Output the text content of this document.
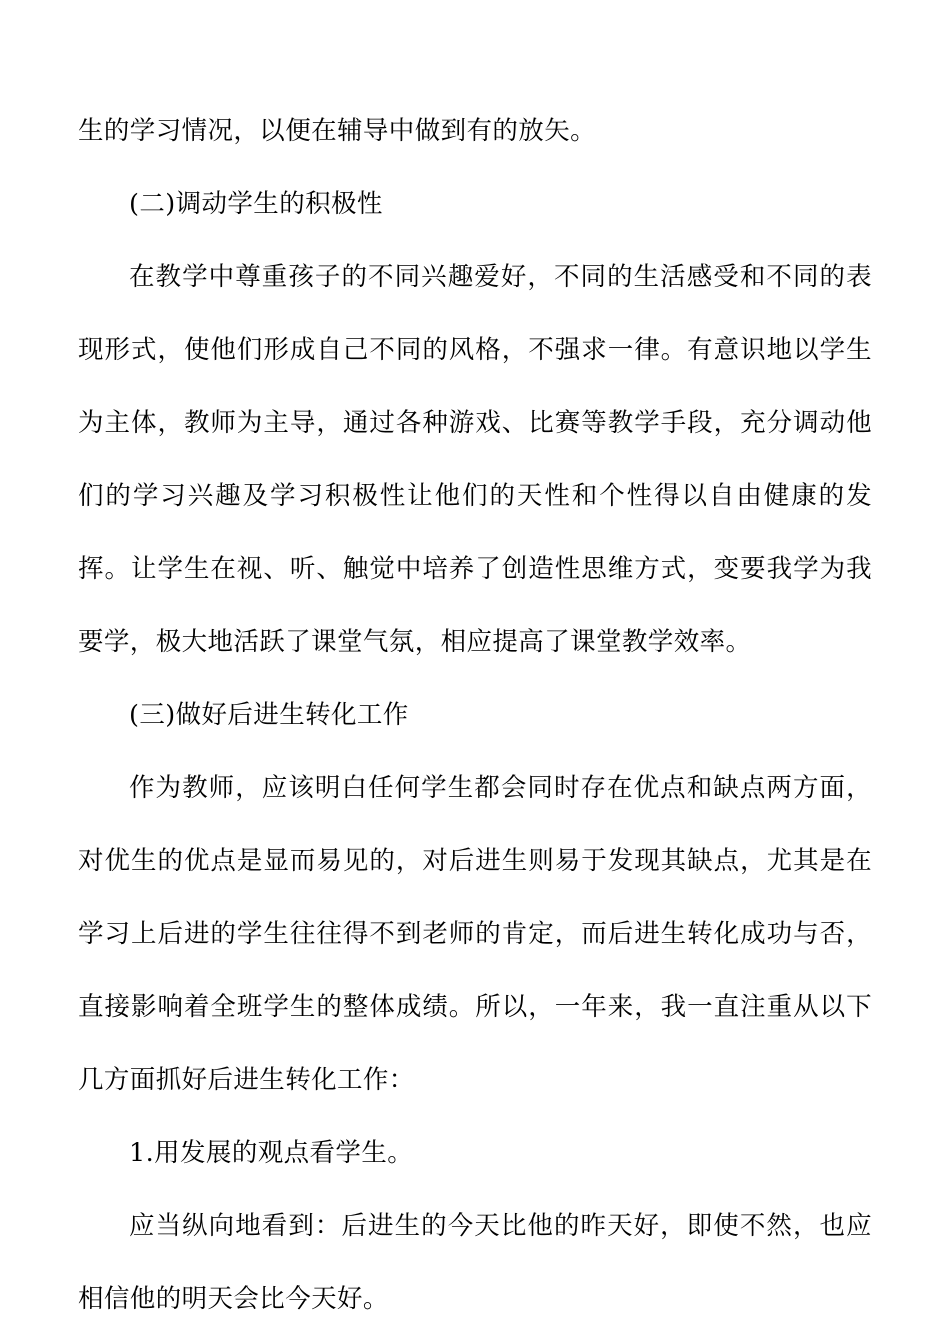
生的学习情况，以便在辅导中做到有的放矢。

(二)调动学生的积极性

在教学中尊重孩子的不同兴趣爱好，不同的生活感受和不同的表现形式，使他们形成自己不同的风格，不强求一律。有意识地以学生为主体，教师为主导，通过各种游戏、比赛等教学手段，充分调动他们的学习兴趣及学习积极性让他们的天性和个性得以自由健康的发挥。让学生在视、听、触觉中培养了创造性思维方式，变要我学为我要学，极大地活跃了课堂气氛，相应提高了课堂教学效率。

(三)做好后进生转化工作

作为教师，应该明白任何学生都会同时存在优点和缺点两方面，对优生的优点是显而易见的，对后进生则易于发现其缺点，尤其是在学习上后进的学生往往得不到老师的肯定，而后进生转化成功与否，直接影响着全班学生的整体成绩。所以，一年来，我一直注重从以下几方面抓好后进生转化工作：

1.用发展的观点看学生。

应当纵向地看到：后进生的今天比他的昨天好，即使不然，也应相信他的明天会比今天好。
